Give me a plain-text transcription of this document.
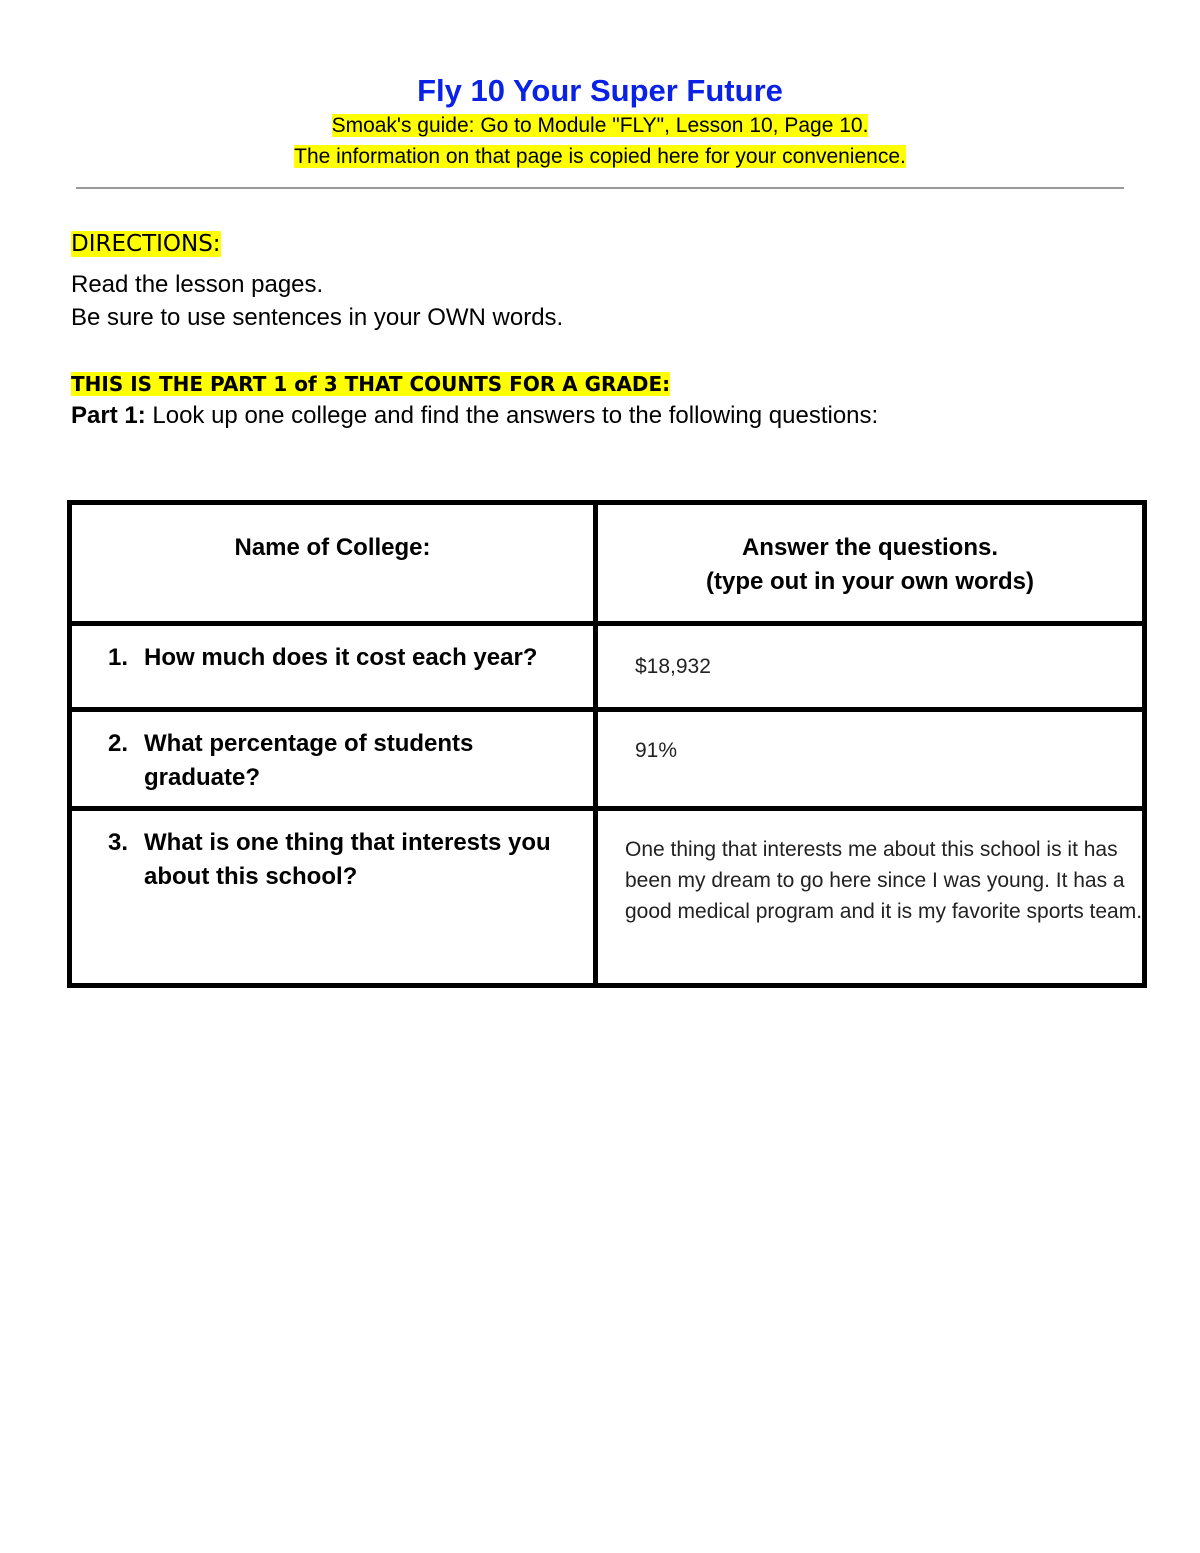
Fly 10 Your Super Future
Smoak's guide: Go to Module "FLY", Lesson 10, Page 10.
The information on that page is copied here for your convenience.
DIRECTIONS:
Read the lesson pages.
Be sure to use sentences in your OWN words.
THIS IS THE PART 1 of 3 THAT COUNTS FOR A GRADE:
Part 1: Look up one college and find the answers to the following questions:
Name of College:	Answer the questions.
(type out in your own words)
1. How much does it cost each year?	$18,932
2. What percentage of students graduate?
91%
3. What is one thing that interests you about this school?
One thing that interests me about this school is it has been my dream to go here since I was young. It has a good medical program and it is my favorite sports team.
